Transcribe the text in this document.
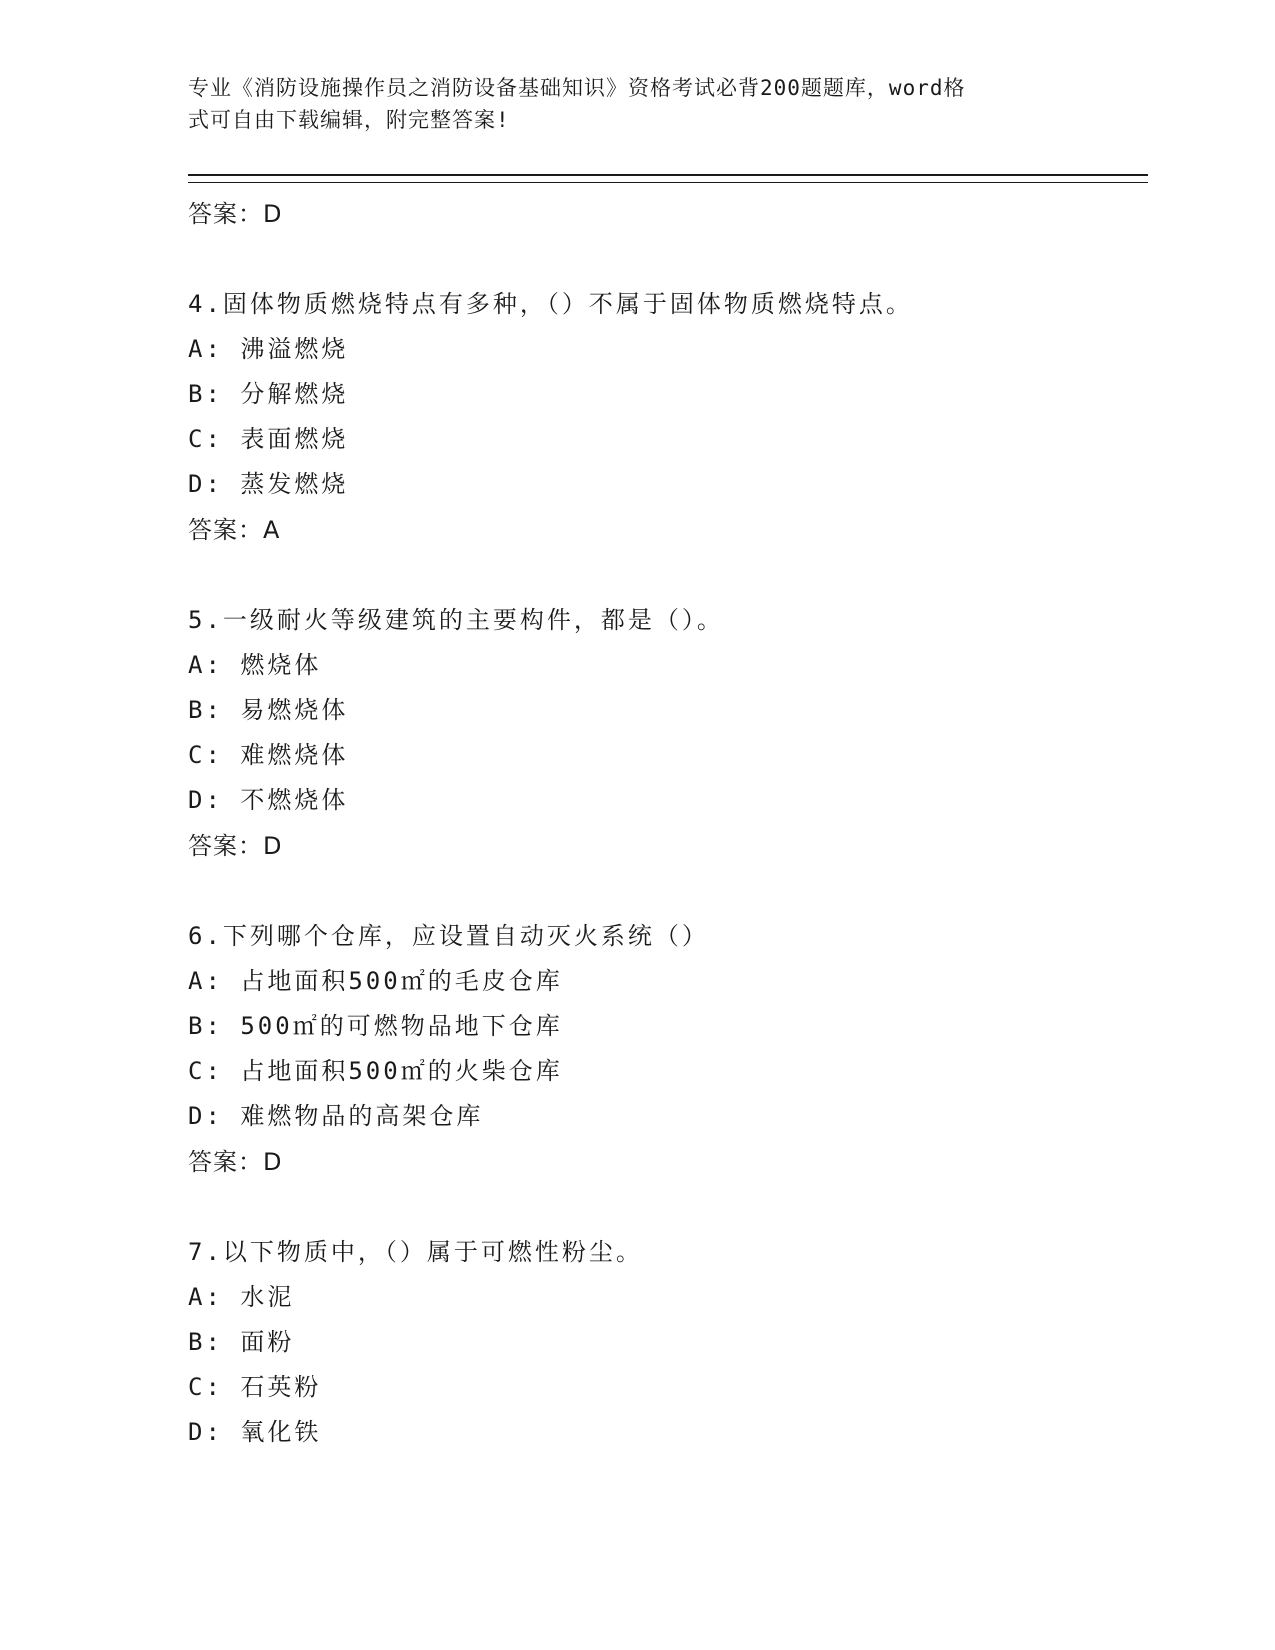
专业《消防设施操作员之消防设备基础知识》资格考试必背200题题库，word格
式可自由下载编辑，附完整答案!
答案：D
4.固体物质燃烧特点有多种，（）不属于固体物质燃烧特点。
A: 沸溢燃烧
B: 分解燃烧
C: 表面燃烧
D: 蒸发燃烧
答案：A
5.一级耐火等级建筑的主要构件，都是（）。
A: 燃烧体
B: 易燃烧体
C: 难燃烧体
D: 不燃烧体
答案：D
6.下列哪个仓库，应设置自动灭火系统（）
A: 占地面积500㎡的毛皮仓库
B: 500㎡的可燃物品地下仓库
C: 占地面积500㎡的火柴仓库
D: 难燃物品的高架仓库
答案：D
7.以下物质中，（）属于可燃性粉尘。
A: 水泥
B: 面粉
C: 石英粉
D: 氧化铁
